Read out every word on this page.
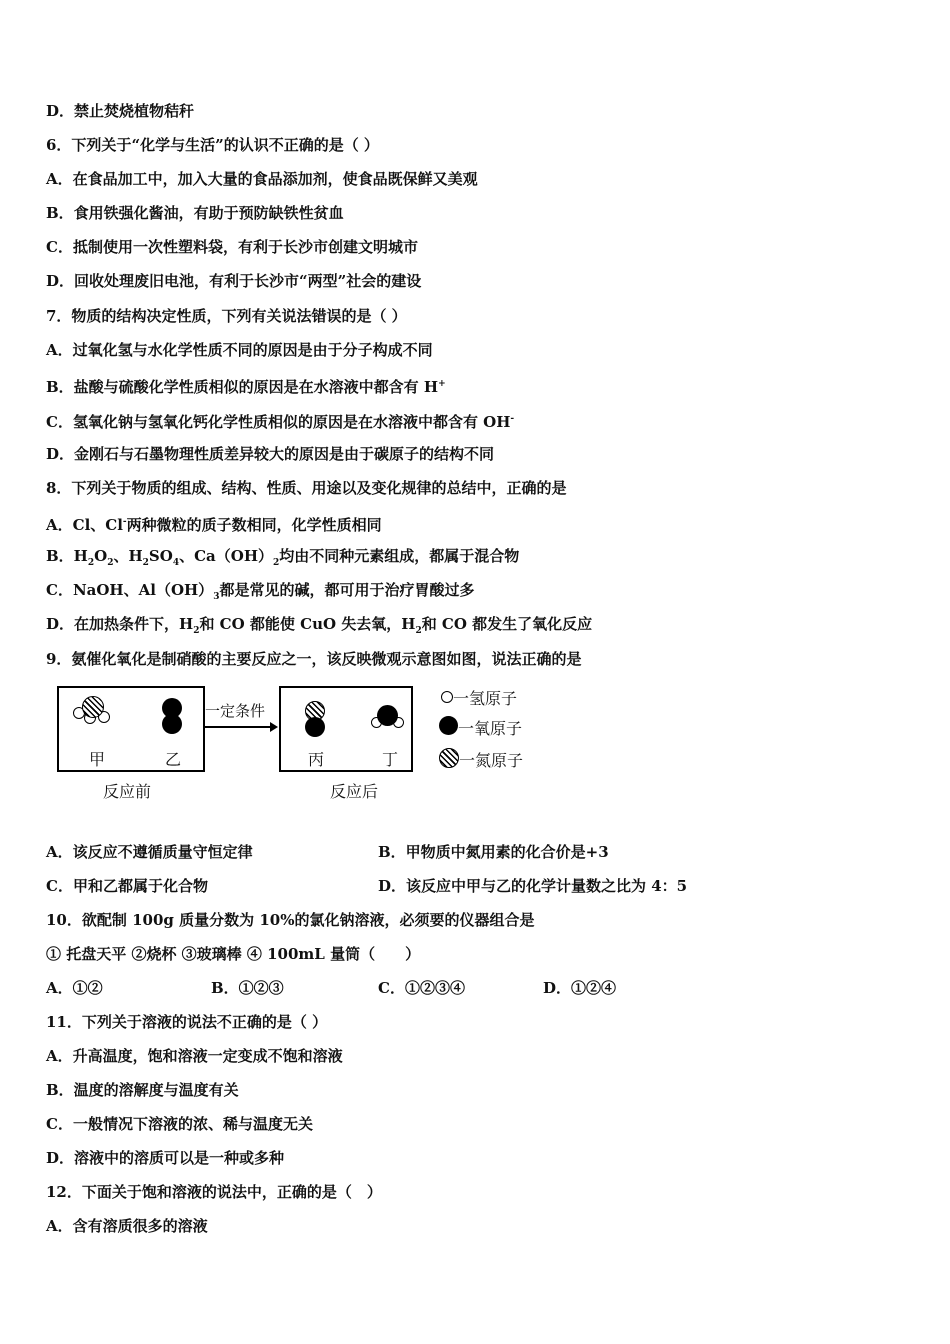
D．禁止焚烧植物秸秆
6．下列关于“化学与生活”的认识不正确的是（ ）
A．在食品加工中，加入大量的食品添加剂，使食品既保鲜又美观
B．食用铁强化酱油，有助于预防缺铁性贫血
C．抵制使用一次性塑料袋，有利于长沙市创建文明城市
D．回收处理废旧电池，有利于长沙市“两型”社会的建设
7．物质的结构决定性质，下列有关说法错误的是（ ）
A．过氧化氢与水化学性质不同的原因是由于分子构成不同
B．盐酸与硫酸化学性质相似的原因是在水溶液中都含有 H+
C．氢氧化钠与氢氧化钙化学性质相似的原因是在水溶液中都含有 OH-
D．金刚石与石墨物理性质差异较大的原因是由于碳原子的结构不同
8．下列关于物质的组成、结构、性质、用途以及变化规律的总结中，正确的是
A．Cl、Cl-两种微粒的质子数相同，化学性质相同
B．$H_2O_2$、$H_2SO_4$、$Ca(OH)_2$均由不同种元素组成，都属于混合物
C．NaOH、$Al(OH)_3$都是常见的碱，都可用于治疗胃酸过多
D．在加热条件下，$H_2$和 CO 都能使 CuO 失去氧，$H_2$和 CO 都发生了氧化反应
9．氨催化氧化是制硝酸的主要反应之一，该反映微观示意图如图，说法正确的是
甲	乙
一定条件
丙	丁
反应前	反应后
一氢原子
一氧原子
一氮原子
A．该反应不遵循质量守恒定律	B．甲物质中氮用素的化合价是+3
C．甲和乙都属于化合物	D．该反应中甲与乙的化学计量数之比为 4：5
10．欲配制 100g 质量分数为 10%的氯化钠溶液，必须要的仪器组合是
① 托盘天平 ②烧杯 ③玻璃棒 ④ 100mL 量筒（　　）
A．①②	B．①②③	C．①②③④	D．①②④
11．下列关于溶液的说法不正确的是（ ）
A．升高温度，饱和溶液一定变成不饱和溶液
B．温度的溶解度与温度有关
C．一般情况下溶液的浓、稀与温度无关
D．溶液中的溶质可以是一种或多种
12．下面关于饱和溶液的说法中，正确的是（　）
A．含有溶质很多的溶液
